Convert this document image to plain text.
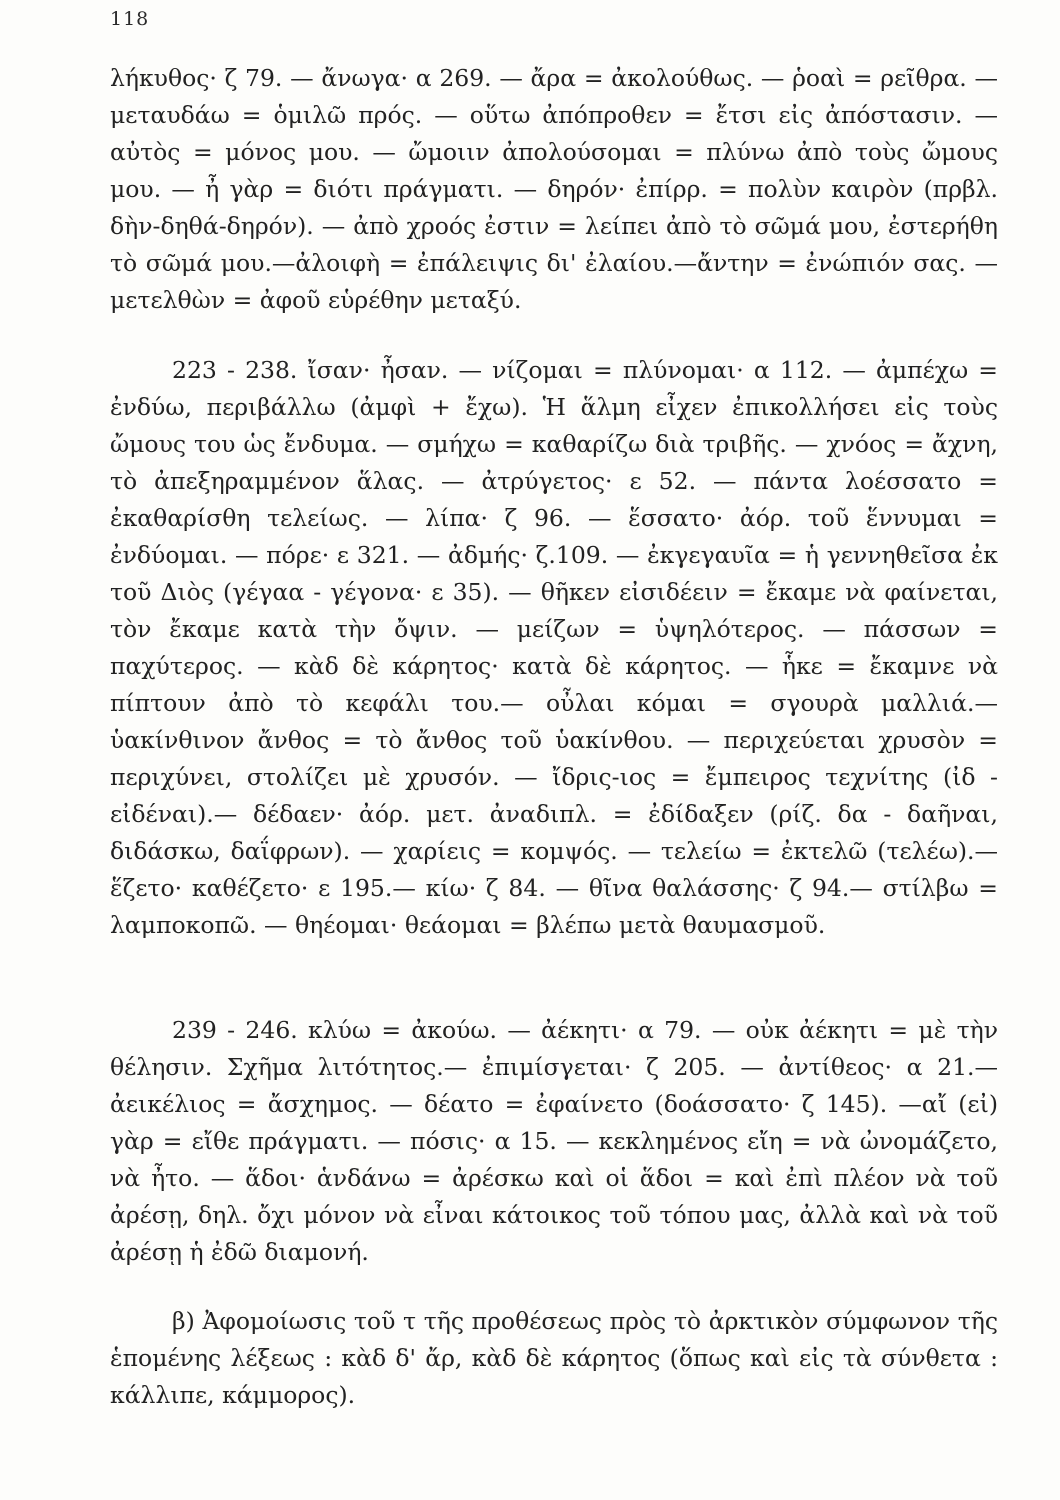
118

λήκυθος· ζ 79. — ἄνωγα· α 269. — ἄρα = ἀκολούθως. — ῥοαὶ = ρεῖθρα. — μεταυδάω = ὁμιλῶ πρός. — οὕτω ἀπόπροθεν = ἔτσι εἰς ἀπόστασιν. — αὐτὸς = μόνος μου. — ὤμοιιν ἀπολούσομαι = πλύνω ἀπὸ τοὺς ὤμους μου. — ἦ γὰρ = διότι πράγματι. — δηρόν· ἐπίρρ. = πολὺν καιρὸν (πρβλ. δὴν-δηθά-δηρόν). — ἀπὸ χροός ἐστιν = λείπει ἀπὸ τὸ σῶμά μου, ἐστερήθη τὸ σῶμά μου.—ἀλοιφὴ = ἐπάλειψις δι' ἐλαίου.—ἄντην = ἐνώπιόν σας. — μετελθὼν = ἀφοῦ εὑρέθην μεταξύ.

223 - 238. ἴσαν· ἦσαν. — νίζομαι = πλύνομαι· α 112. — ἀμπέχω = ἐνδύω, περιβάλλω (ἀμφὶ + ἔχω). Ἡ ἅλμη εἶχεν ἐπικολλήσει εἰς τοὺς ὤμους του ὡς ἔνδυμα. — σμήχω = καθαρίζω διὰ τριβῆς. — χνόος = ἄχνη, τὸ ἀπεξηραμμένον ἅλας. — ἀτρύγετος· ε 52. — πάντα λοέσσατο = ἐκαθαρίσθη τελείως. — λίπα· ζ 96. — ἕσσατο· ἀόρ. τοῦ ἕννυμαι = ἐνδύομαι. — πόρε· ε 321. — ἀδμής· ζ.109. — ἐκγεγαυῖα = ἡ γεννηθεῖσα ἐκ τοῦ Διὸς (γέγαα - γέγονα· ε 35). — θῆκεν εἰσιδέειν = ἔκαμε νὰ φαίνεται, τὸν ἔκαμε κατὰ τὴν ὄψιν. — μείζων = ὑψηλότερος. — πάσσων = παχύτερος. — κὰδ δὲ κάρητος· κατὰ δὲ κάρητος. — ἧκε = ἔκαμνε νὰ πίπτουν ἀπὸ τὸ κεφάλι του.— οὖλαι κόμαι = σγουρὰ μαλλιά.— ὑακίνθινον ἄνθος = τὸ ἄνθος τοῦ ὑακίνθου. — περιχεύεται χρυσὸν = περιχύνει, στολίζει μὲ χρυσόν. — ἴδρις-ιος = ἔμπειρος τεχνίτης (ἰδ - εἰδέναι).— δέδαεν· ἀόρ. μετ. ἀναδιπλ. = ἐδίδαξεν (ρίζ. δα - δαῆναι, διδάσκω, δαΐφρων). — χαρίεις = κομψός. — τελείω = ἐκτελῶ (τελέω).— ἕζετο· καθέζετο· ε 195.— κίω· ζ 84. — θῖνα θαλάσσης· ζ 94.— στίλβω = λαμποκοπῶ. — θηέομαι· θεάομαι = βλέπω μετὰ θαυμασμοῦ.

239 - 246. κλύω = ἀκούω. — ἀέκητι· α 79. — οὐκ ἀέκητι = μὲ τὴν θέλησιν. Σχῆμα λιτότητος.— ἐπιμίσγεται· ζ 205. — ἀντίθεος· α 21.— ἀεικέλιος = ἄσχημος. — δέατο = ἐφαίνετο (δοάσσατο· ζ 145). —αἴ (εἰ) γὰρ = εἴθε πράγματι. — πόσις· α 15. — κεκλημένος εἴη = νὰ ὠνομάζετο, νὰ ἦτο. — ἅδοι· ἁνδάνω = ἀρέσκω καὶ οἱ ἅδοι = καὶ ἐπὶ πλέον νὰ τοῦ ἀρέσῃ, δηλ. ὄχι μόνον νὰ εἶναι κάτοικος τοῦ τόπου μας, ἀλλὰ καὶ νὰ τοῦ ἀρέσῃ ἡ ἐδῶ διαμονή.

β) Ἀφομοίωσις τοῦ τ τῆς προθέσεως πρὸς τὸ ἀρκτικὸν σύμφωνον τῆς ἑπομένης λέξεως : κὰδ δ' ἄρ, κὰδ δὲ κάρητος (ὅπως καὶ εἰς τὰ σύνθετα : κάλλιπε, κάμμορος).
